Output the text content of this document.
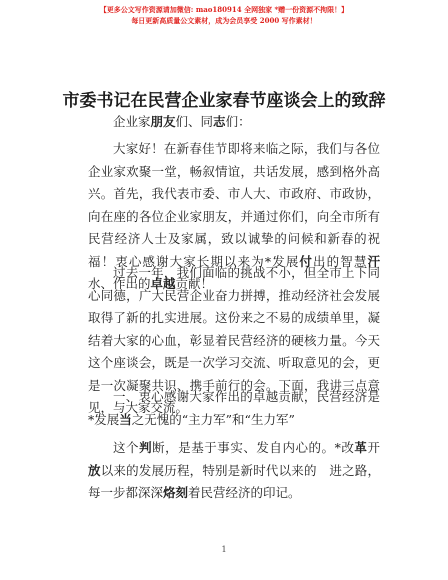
【更多公文写作资源请加微信: mao180914 全网独家 *赠一份资源不拘限！】
每日更新高质量公文素材，成为会员享受 2000 写作素材！
市委书记在民营企业家春节座谈会上的致辞
企业家朋友们、同志们：

大家好！在新春佳节即将来临之际，我们与各位企业家欢聚一堂，畅叙情谊，共话发展，感到格外高兴。首先，我代表市委、市人大、市政府、市政协，向在座的各位企业家朋友，并通过你们，向全市所有民营经济人士及家属，致以诚挚的问候和新春的祝福！衷心感谢大家长期以来为*发展付出的智慧汗水、作出的卓越贡献！

过去一年，我们面临的挑战不小，但全市上下同心同德，广大民营企业奋力拼搏，推动经济社会发展取得了新的扎实进展。这份来之不易的成绩单里，凝结着大家的心血，彰显着民营经济的硬核力量。今天这个座谈会，既是一次学习交流、听取意见的会，更是一次凝聚共识、携手前行的会。下面，我讲三点意见，与大家交流。

一、衷心感谢大家作出的卓越贡献，民营经济是*发展当之无愧的“主力军”和“生力军”

这个判断，是基于事实、发自内心的。*改革开放以来的发展历程，特别是新时代以来的　进之路，每一步都深深烙刻着民营经济的印记。

1
